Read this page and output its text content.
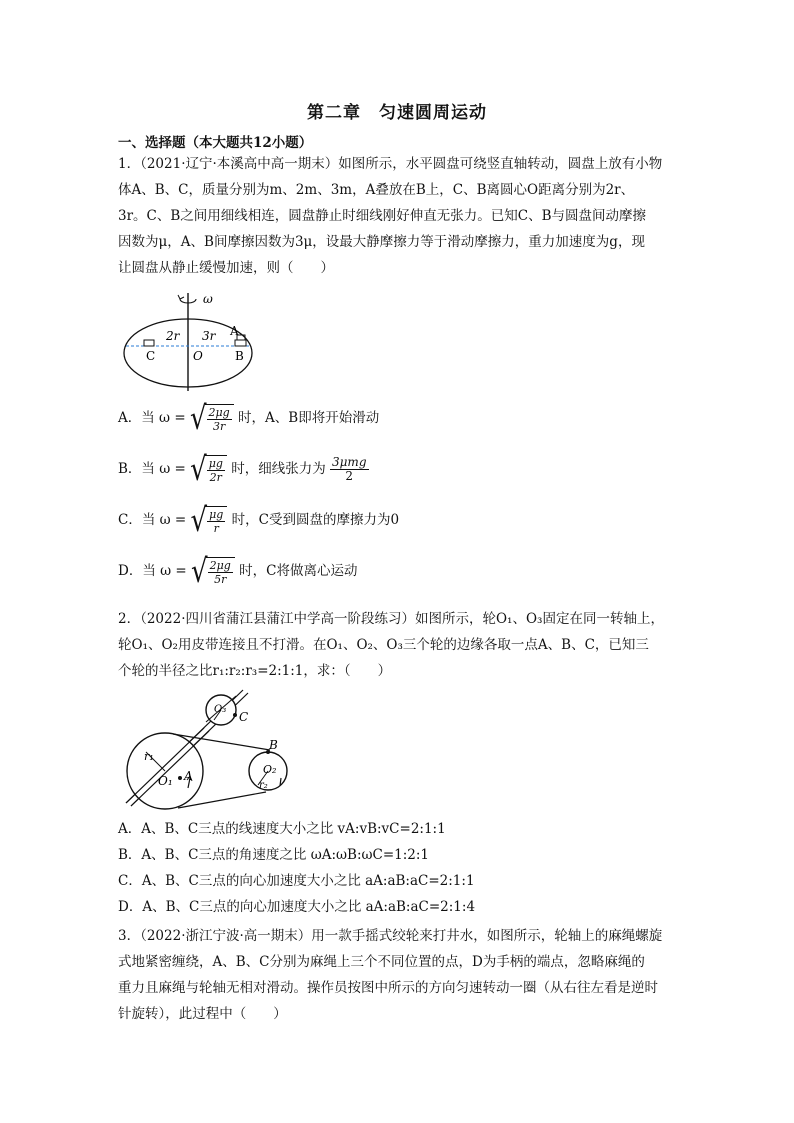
第二章　匀速圆周运动
一、选择题（本大题共12小题）
1．（2021·辽宁·本溪高中高一期末）如图所示，水平圆盘可绕竖直轴转动，圆盘上放有小物
体A、B、C，质量分别为m、2m、3m，A叠放在B上，C、B离圆心O距离分别为2r、
3r。C、B之间用细线相连，圆盘静止时细线刚好伸直无张力。已知C、B与圆盘间动摩擦
因数为μ，A、B间摩擦因数为3μ，设最大静摩擦力等于滑动摩擦力，重力加速度为g，现
让圆盘从静止缓慢加速，则（　　）
ω
2r 3r A
C	O	B
A．当 ω = √ $\frac{2\mu g}{3r}$ 时，A、B即将开始滑动
B．当 ω = √ $\frac{\mu g}{2r}$ 时，细线张力为 $\frac{\text{3μmg}}{2}$
C．当 ω = √ $\frac{\mu g}{r}$ 时，C受到圆盘的摩擦力为0
D．当 ω = √ $\frac{2\mu g}{5r}$ 时，C将做离心运动
2．（2022·四川省蒲江县蒲江中学高一阶段练习）如图所示，轮O₁、O₃固定在同一转轴上，
轮O₁、O₂用皮带连接且不打滑。在O₁、O₂、O₃三个轮的边缘各取一点A、B、C，已知三
个轮的半径之比r₁:r₂:r₃=2:1:1，求：（　　）
r₁
O₁ A
B
O₂
r₂
O₃
C
A．A、B、C三点的线速度大小之比 vA:vB:vC=2:1:1
B．A、B、C三点的角速度之比 ωA:ωB:ωC=1:2:1
C．A、B、C三点的向心加速度大小之比 aA:aB:aC=2:1:1
D．A、B、C三点的向心加速度大小之比 aA:aB:aC=2:1:4
3．（2022·浙江宁波·高一期末）用一款手摇式绞轮来打井水，如图所示，轮轴上的麻绳螺旋
式地紧密缠绕，A、B、C分别为麻绳上三个不同位置的点，D为手柄的端点，忽略麻绳的
重力且麻绳与轮轴无相对滑动。操作员按图中所示的方向匀速转动一圈（从右往左看是逆时
针旋转），此过程中（　　）
